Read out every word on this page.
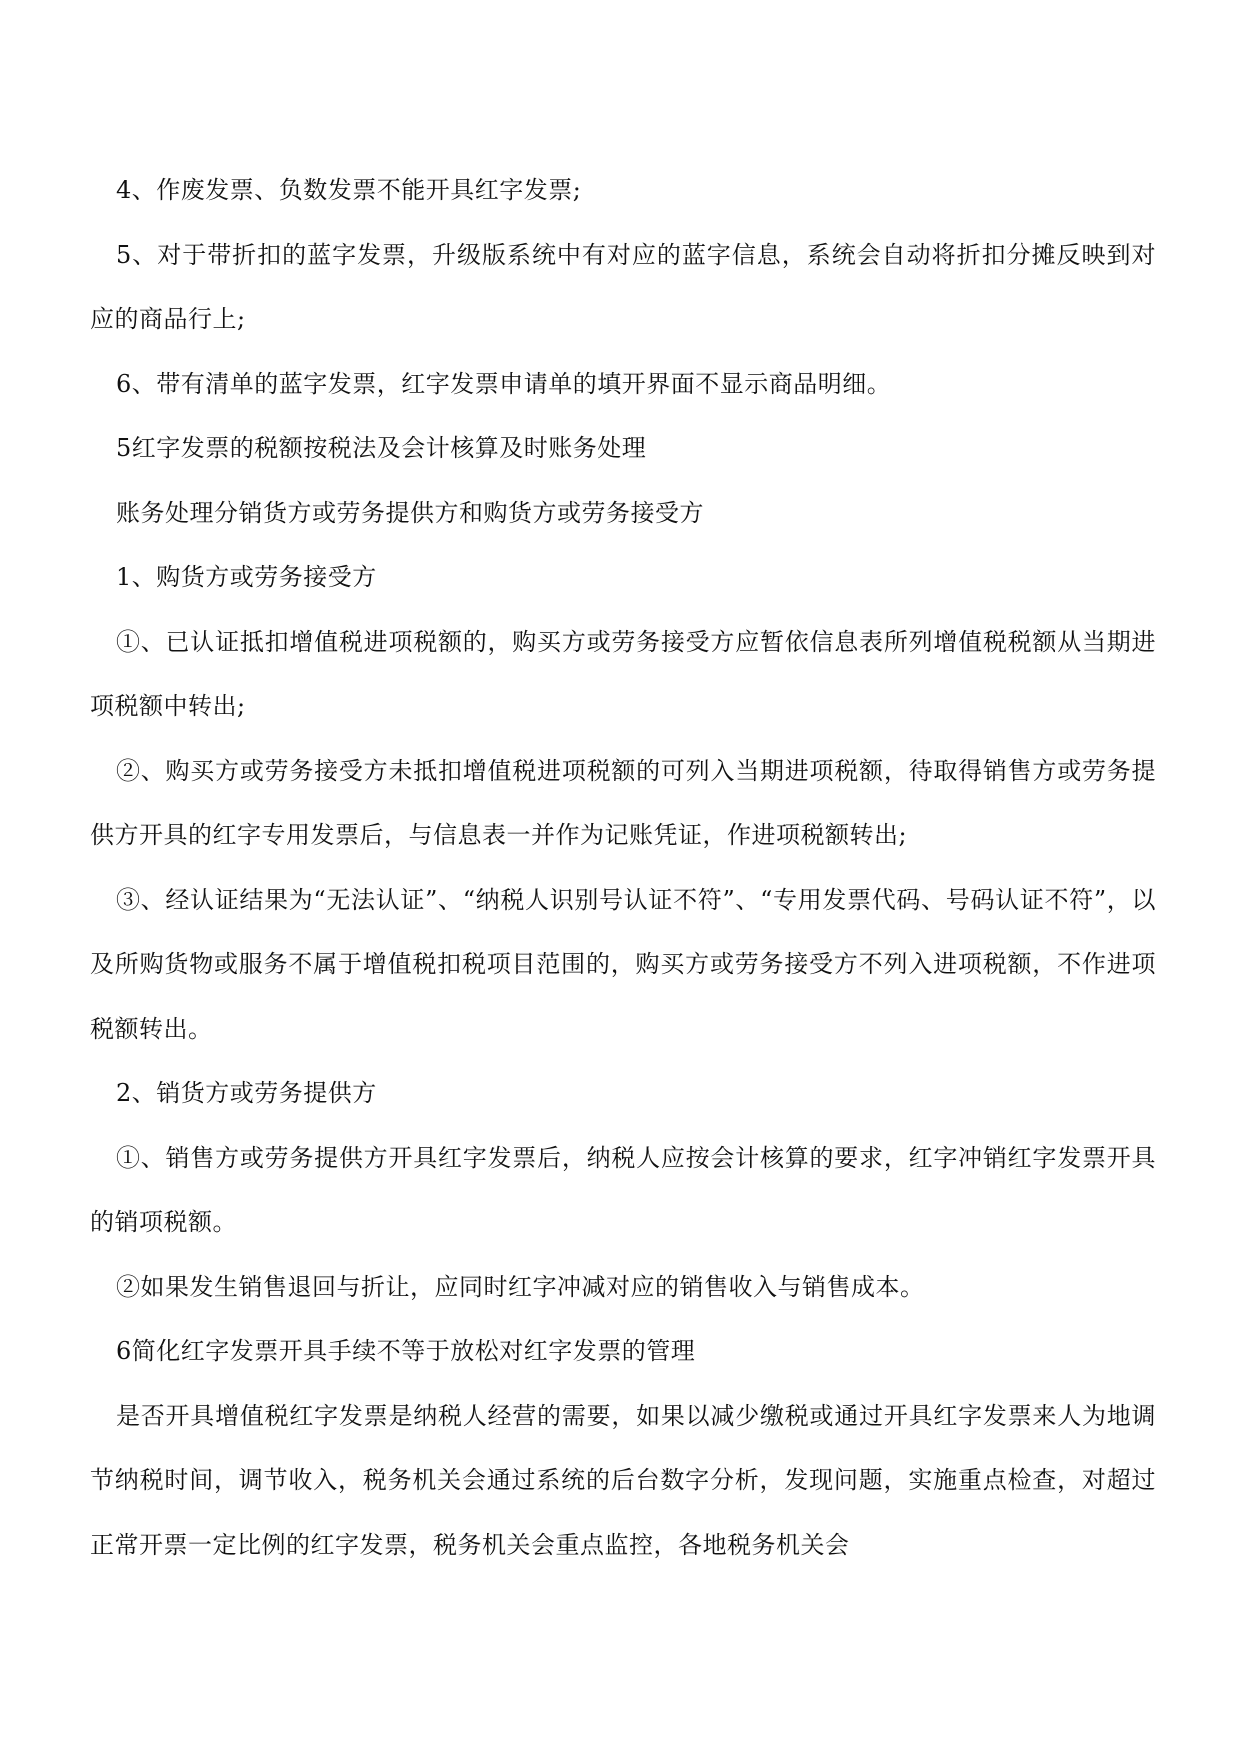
4、作废发票、负数发票不能开具红字发票;

5、对于带折扣的蓝字发票，升级版系统中有对应的蓝字信息，系统会自动将折扣分摊反映到对应的商品行上;

6、带有清单的蓝字发票，红字发票申请单的填开界面不显示商品明细。

5红字发票的税额按税法及会计核算及时账务处理

账务处理分销货方或劳务提供方和购货方或劳务接受方

1、购货方或劳务接受方

①、已认证抵扣增值税进项税额的，购买方或劳务接受方应暂依信息表所列增值税税额从当期进项税额中转出;

②、购买方或劳务接受方未抵扣增值税进项税额的可列入当期进项税额，待取得销售方或劳务提供方开具的红字专用发票后，与信息表一并作为记账凭证，作进项税额转出;

③、经认证结果为“无法认证”、“纳税人识别号认证不符”、“专用发票代码、号码认证不符”，以及所购货物或服务不属于增值税扣税项目范围的，购买方或劳务接受方不列入进项税额，不作进项税额转出。

2、销货方或劳务提供方

①、销售方或劳务提供方开具红字发票后，纳税人应按会计核算的要求，红字冲销红字发票开具的销项税额。

②如果发生销售退回与折让，应同时红字冲减对应的销售收入与销售成本。

6简化红字发票开具手续不等于放松对红字发票的管理

是否开具增值税红字发票是纳税人经营的需要，如果以减少缴税或通过开具红字发票来人为地调节纳税时间，调节收入，税务机关会通过系统的后台数字分析，发现问题，实施重点检查，对超过正常开票一定比例的红字发票，税务机关会重点监控，各地税务机关会
